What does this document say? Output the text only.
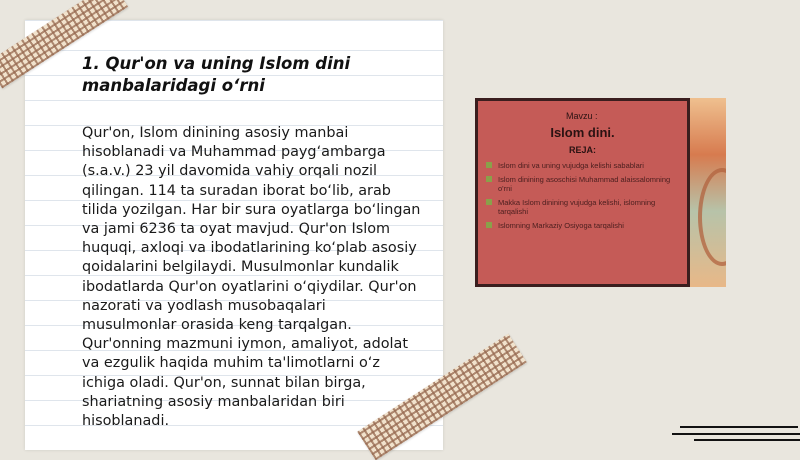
1. Qur'on va uning Islom dini manbalaridagi o‘rni

Qur'on, Islom dinining asosiy manbai hisoblanadi va Muhammad payg‘ambarga (s.a.v.) 23 yil davomida vahiy orqali nozil qilingan. 114 ta suradan iborat bo‘lib, arab tilida yozilgan. Har bir sura oyatlarga bo‘lingan va jami 6236 ta oyat mavjud. Qur'on Islom huquqi, axloqi va ibodatlarining ko‘plab asosiy qoidalarini belgilaydi. Musulmonlar kundalik ibodatlarda Qur'on oyatlarini o‘qiydilar. Qur'on nazorati va yodlash musobaqalari musulmonlar orasida keng tarqalgan. Qur'onning mazmuni iymon, amaliyot, adolat va ezgulik haqida muhim ta'limotlarni o‘z ichiga oladi. Qur'on, sunnat bilan birga, shariatning asosiy manbalaridan biri hisoblanadi.

Mavzu :
Islom dini.
REJA:
Islom dini va uning vujudga kelishi sabablari
Islom dinining asoschisi Muhammad alaissalomning o'rni
Makka Islom dinining vujudga kelishi, islomning tarqalishi
Islomning Markaziy Osiyoga tarqalishi
